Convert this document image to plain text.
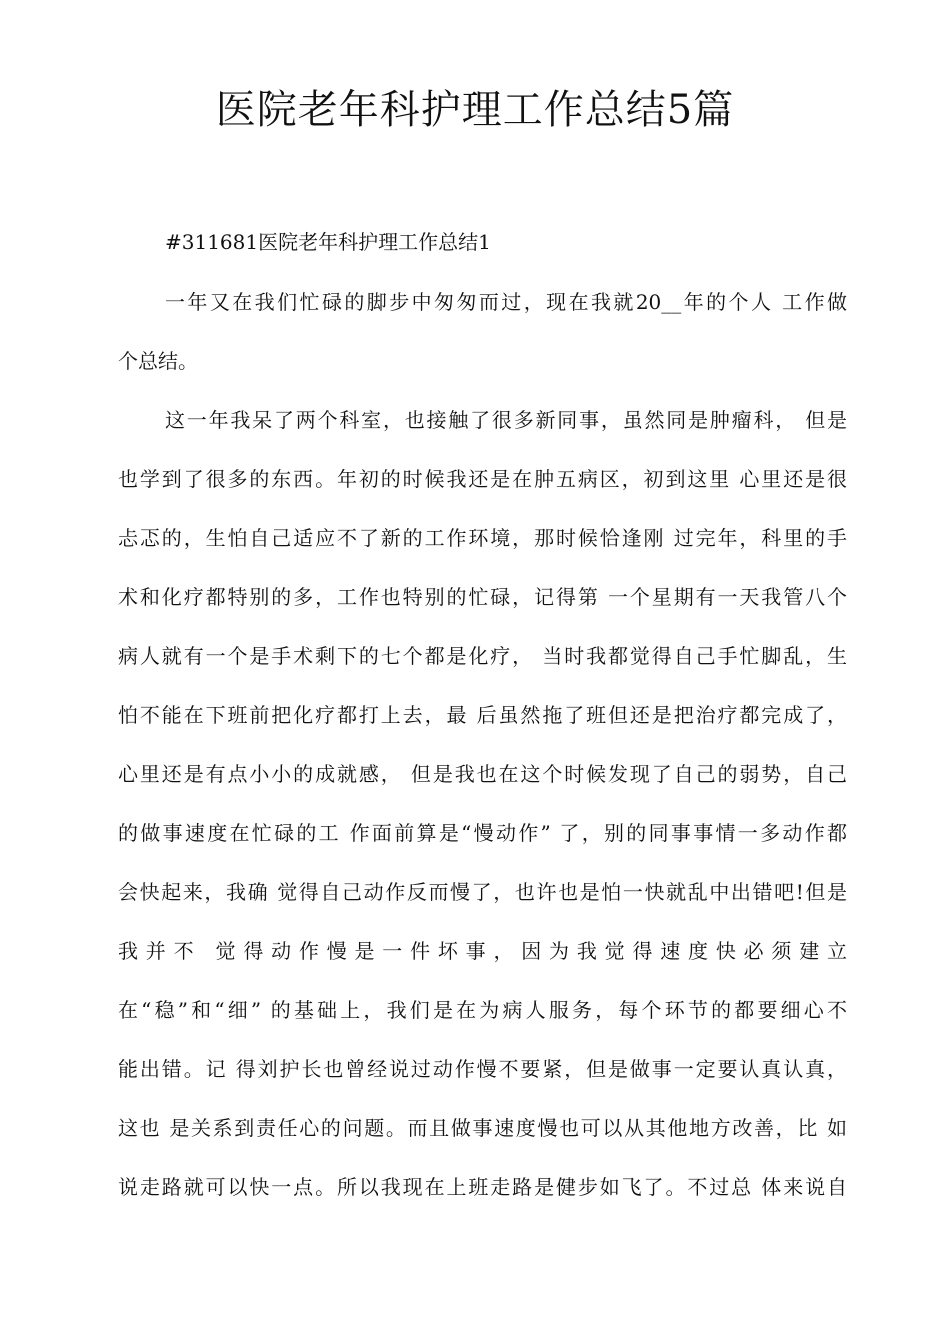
医院老年科护理工作总结5篇

#311681医院老年科护理工作总结1

一年又在我们忙碌的脚步中匆匆而过，现在我就20__年的个人 工作做

个总结。

这一年我呆了两个科室，也接触了很多新同事，虽然同是肿瘤科， 但是

也学到了很多的东西。年初的时候我还是在肿五病区，初到这里 心里还是很

忐忑的，生怕自己适应不了新的工作环境，那时候恰逢刚 过完年，科里的手

术和化疗都特别的多，工作也特别的忙碌，记得第 一个星期有一天我管八个

病人就有一个是手术剩下的七个都是化疗， 当时我都觉得自己手忙脚乱，生

怕不能在下班前把化疗都打上去，最 后虽然拖了班但还是把治疗都完成了，

心里还是有点小小的成就感， 但是我也在这个时候发现了自己的弱势，自己

的做事速度在忙碌的工 作面前算是“慢动作” 了，别的同事事情一多动作都

会快起来，我确 觉得自己动作反而慢了，也许也是怕一快就乱中出错吧!但是

我并不 觉得动作慢是一件坏事，因为我觉得速度快必须建立

在“稳”和“细” 的基础上，我们是在为病人服务，每个环节的都要细心不

能出错。记 得刘护长也曾经说过动作慢不要紧，但是做事一定要认真认真，

这也 是关系到责任心的问题。而且做事速度慢也可以从其他地方改善，比 如

说走路就可以快一点。所以我现在上班走路是健步如飞了。不过总 体来说自
